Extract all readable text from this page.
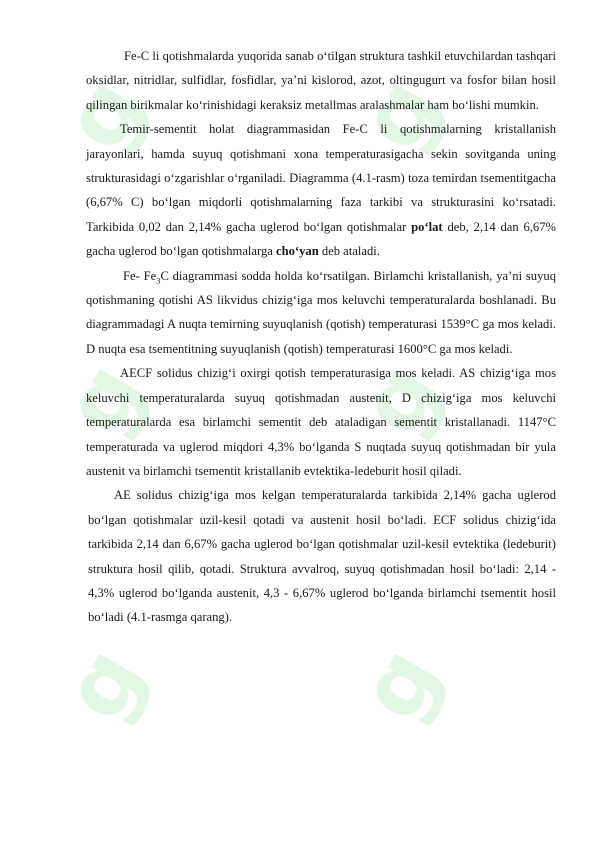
g g
g g
g g

Fe-C li qotishmalarda yuqorida sanab o‘tilgan struktura tashkil etuvchilardan tashqari oksidlar, nitridlar, sulfidlar, fosfidlar, ya’ni kislorod, azot, oltingugurt va fosfor bilan hosil qilingan birikmalar ko‘rinishidagi keraksiz metallmas aralashmalar ham bo‘lishi mumkin.

Temir-sementit holat diagrammasidan Fe-C li qotishmalarning kristallanish jarayonlari, hamda suyuq qotishmani xona temperaturasigacha sekin sovitganda uning strukturasidagi o‘zgarishlar o‘rganiladi. Diagramma (4.1-rasm) toza temirdan tsementitgacha (6,67% C) bo‘lgan miqdorli qotishmalarning faza tarkibi va strukturasini ko‘rsatadi. Tarkibida 0,02 dan 2,14% gacha uglerod bo‘lgan qotishmalar po‘lat deb, 2,14 dan 6,67% gacha uglerod bo‘lgan qotishmalarga cho‘yan deb ataladi.

Fe- $Fe_3C$ diagrammasi sodda holda ko‘rsatilgan. Birlamchi kristallanish, ya’ni suyuq qotishmaning qotishi AS likvidus chizig‘iga mos keluvchi temperaturalarda boshlanadi. Bu diagrammadagi A nuqta temirning suyuqlanish (qotish) temperaturasi 1539°C ga mos keladi. D nuqta esa tsementitning suyuqlanish (qotish) temperaturasi 1600°C ga mos keladi.

AECF solidus chizig‘i oxirgi qotish temperaturasiga mos keladi. AS chizig‘iga mos keluvchi temperaturalarda suyuq qotishmadan austenit, D chizig‘iga mos keluvchi temperaturalarda esa birlamchi sementit deb ataladigan sementit kristallanadi. 1147°C temperaturada va uglerod miqdori 4,3% bo‘lganda S nuqtada suyuq qotishmadan bir yula austenit va birlamchi tsementit kristallanib evtektika-ledeburit hosil qiladi.

AE solidus chizig‘iga mos kelgan temperaturalarda tarkibida 2,14% gacha uglerod bo‘lgan qotishmalar uzil-kesil qotadi va austenit hosil bo‘ladi. ECF solidus chizig‘ida tarkibida 2,14 dan 6,67% gacha uglerod bo‘lgan qotishmalar uzil-kesil evtektika (ledeburit) struktura hosil qilib, qotadi. Struktura avvalroq, suyuq qotishmadan hosil bo‘ladi: 2,14 - 4,3% uglerod bo‘lganda austenit, 4,3 - 6,67% uglerod bo‘lganda birlamchi tsementit hosil bo‘ladi (4.1-rasmga qarang).
